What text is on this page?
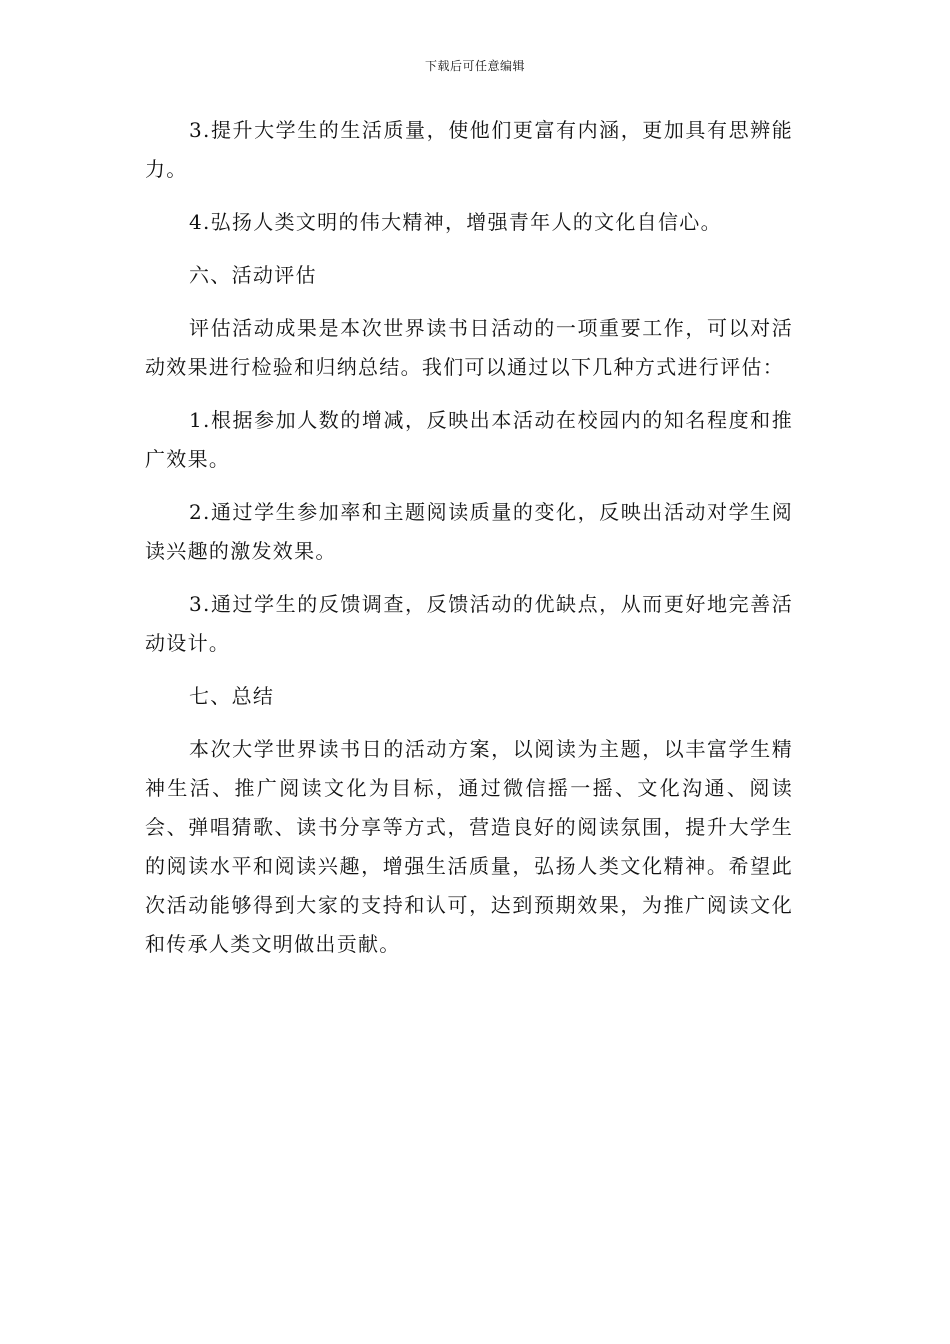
下载后可任意编辑

3.提升大学生的生活质量，使他们更富有内涵，更加具有思辨能力。

4.弘扬人类文明的伟大精神，增强青年人的文化自信心。

六、活动评估

评估活动成果是本次世界读书日活动的一项重要工作，可以对活动效果进行检验和归纳总结。我们可以通过以下几种方式进行评估：

1.根据参加人数的增减，反映出本活动在校园内的知名程度和推广效果。

2.通过学生参加率和主题阅读质量的变化，反映出活动对学生阅读兴趣的激发效果。

3.通过学生的反馈调查，反馈活动的优缺点，从而更好地完善活动设计。

七、总结

本次大学世界读书日的活动方案，以阅读为主题，以丰富学生精神生活、推广阅读文化为目标，通过微信摇一摇、文化沟通、阅读会、弹唱猜歌、读书分享等方式，营造良好的阅读氛围，提升大学生的阅读水平和阅读兴趣，增强生活质量，弘扬人类文化精神。希望此次活动能够得到大家的支持和认可，达到预期效果，为推广阅读文化和传承人类文明做出贡献。
